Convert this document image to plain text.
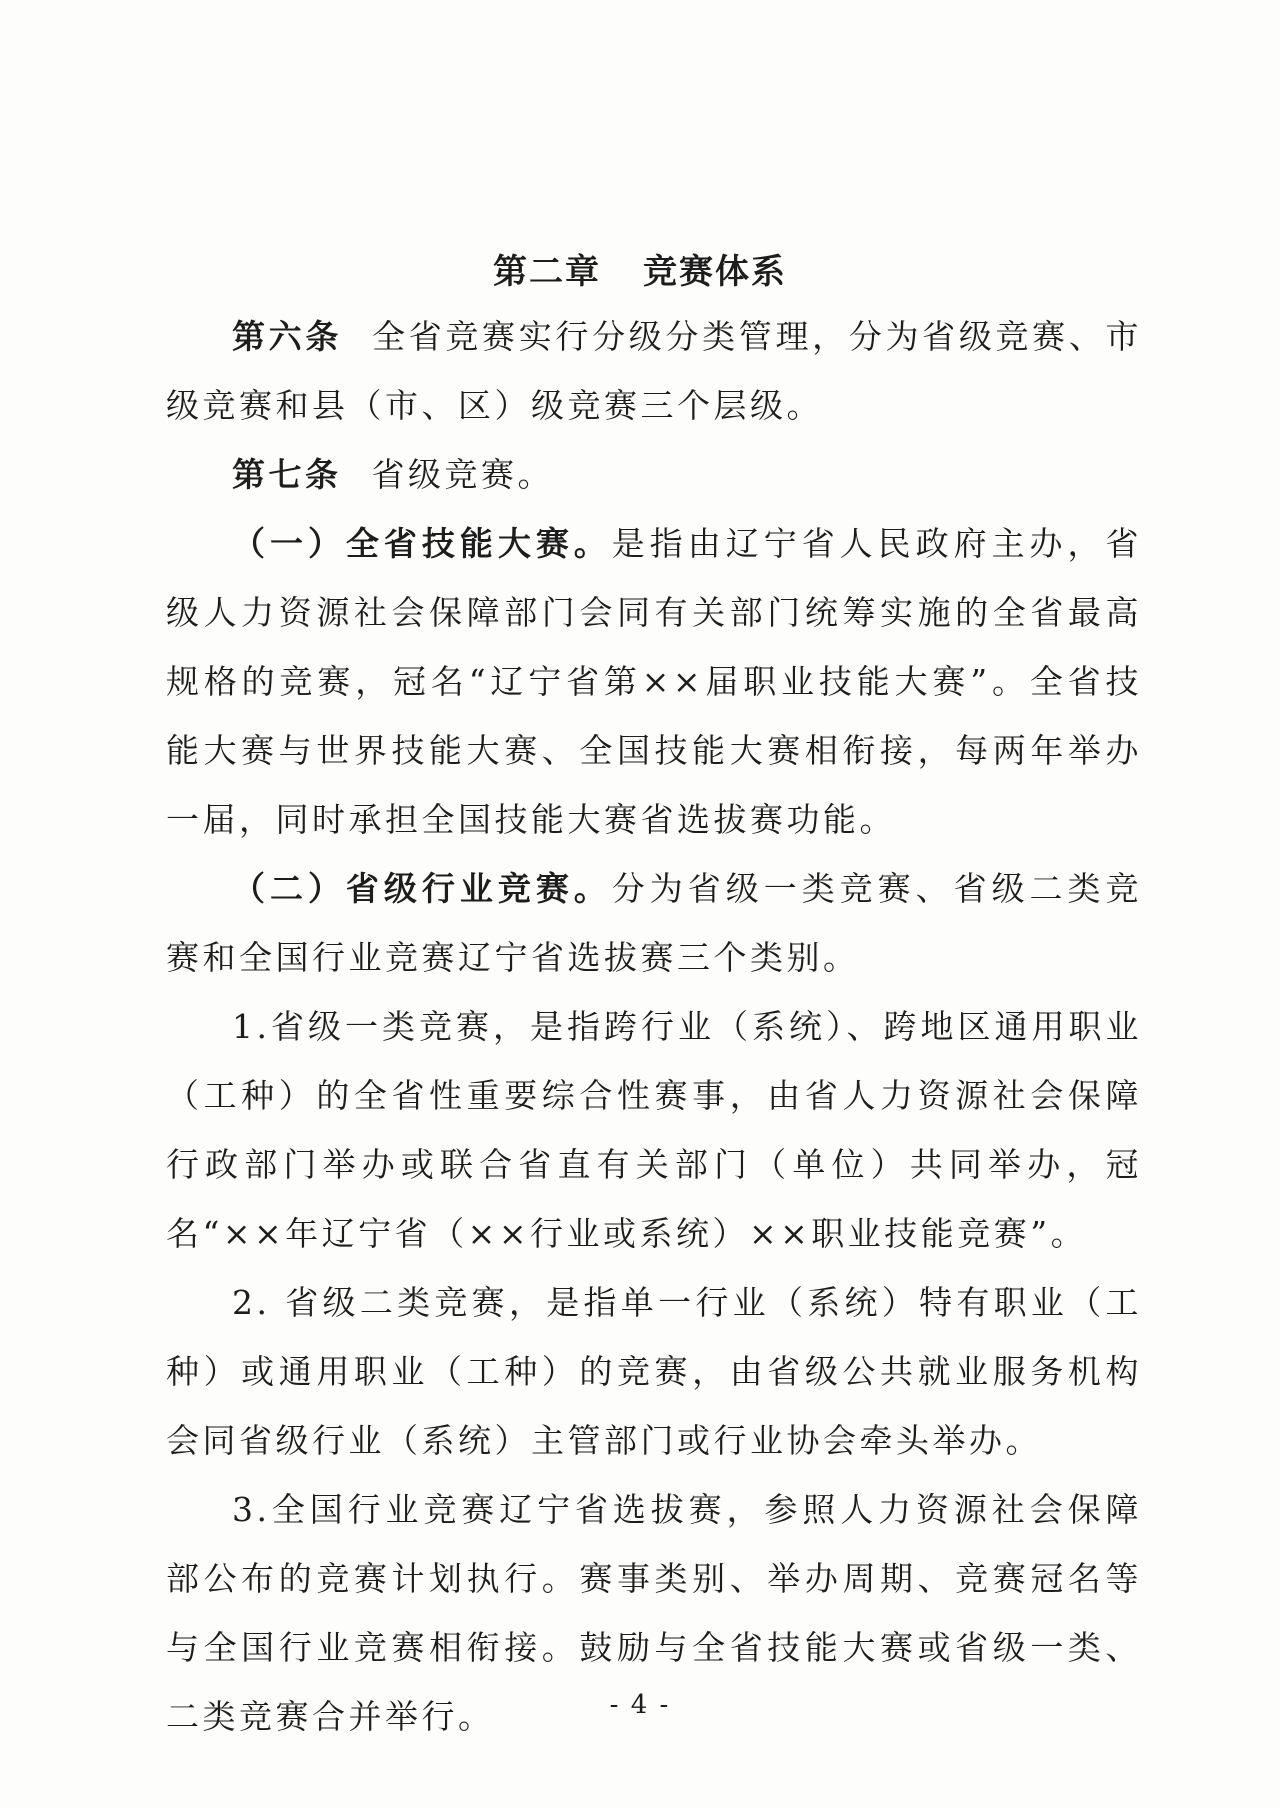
第二章 竞赛体系

第六条 全省竞赛实行分级分类管理，分为省级竞赛、市级竞赛和县（市、区）级竞赛三个层级。

第七条 省级竞赛。

（一）全省技能大赛。是指由辽宁省人民政府主办，省级人力资源社会保障部门会同有关部门统筹实施的全省最高规格的竞赛，冠名“辽宁省第××届职业技能大赛”。全省技能大赛与世界技能大赛、全国技能大赛相衔接，每两年举办一届，同时承担全国技能大赛省选拔赛功能。

（二）省级行业竞赛。分为省级一类竞赛、省级二类竞赛和全国行业竞赛辽宁省选拔赛三个类别。

1.省级一类竞赛，是指跨行业（系统）、跨地区通用职业（工种）的全省性重要综合性赛事，由省人力资源社会保障行政部门举办或联合省直有关部门（单位）共同举办，冠名“××年辽宁省（××行业或系统）××职业技能竞赛”。

2. 省级二类竞赛，是指单一行业（系统）特有职业（工种）或通用职业（工种）的竞赛，由省级公共就业服务机构会同省级行业（系统）主管部门或行业协会牵头举办。

3.全国行业竞赛辽宁省选拔赛，参照人力资源社会保障部公布的竞赛计划执行。赛事类别、举办周期、竞赛冠名等与全国行业竞赛相衔接。鼓励与全省技能大赛或省级一类、二类竞赛合并举行。	- 4 -
